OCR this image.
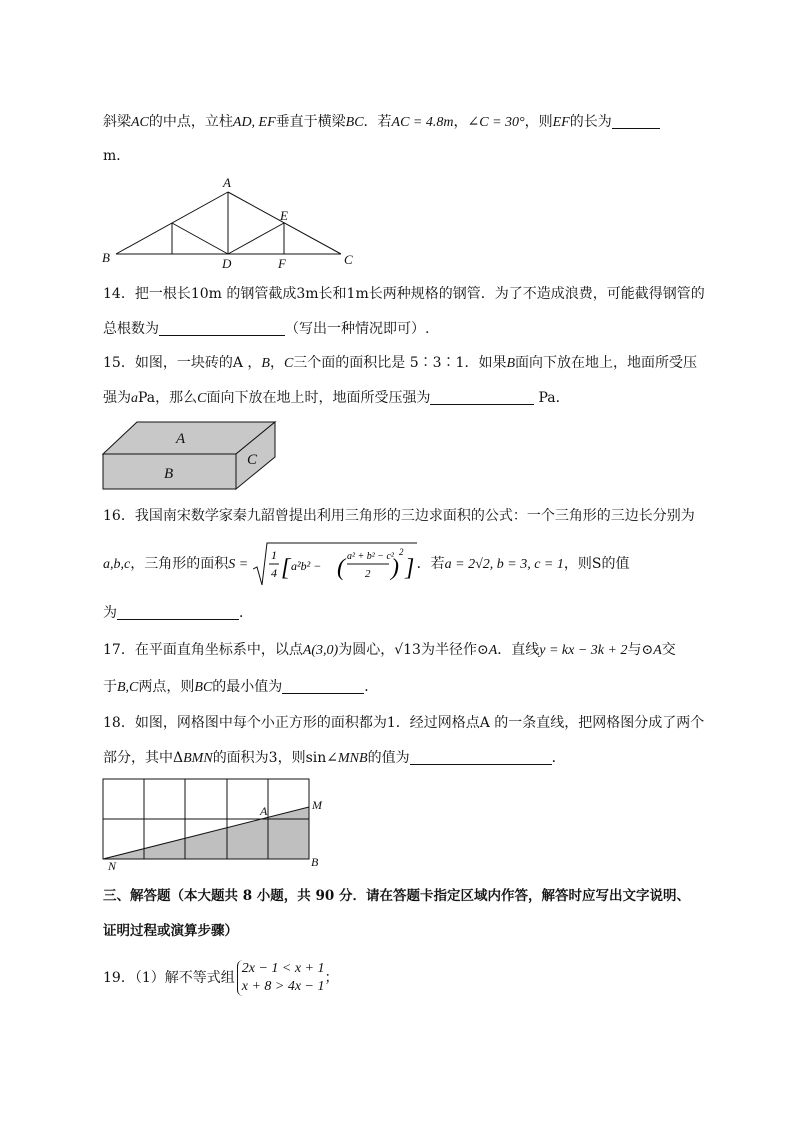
斜梁AC的中点，立柱AD, EF垂直于横梁BC．若AC = 4.8m，∠C = 30°，则EF的长为
m．
A
B	C
D
E
F
14．把一根长10m 的钢管截成3m长和1m长两种规格的钢管．为了不造成浪费，可能截得钢管的
总根数为	（写出一种情况即可）.
15．如图，一块砖的A ，B，C三个面的面积比是 5∶3∶1．如果B面向下放在地上，地面所受压
强为aPa，那么C面向下放在地上时，地面所受压强为	Pa．
A
B
C
16．我国南宋数学家秦九韶曾提出利用三角形的三边求面积的公式：一个三角形的三边长分别为
a,b,c，三角形的面积S =
1
4 [ a²b² − ( a² + b² − c²
2 )
2
] ．若a = 2√2, b = 3, c = 1，则S的值
为	．
17．在平面直角坐标系中，以点A(3,0)为圆心，√13为半径作⊙A．直线y = kx − 3k + 2与⊙A交
于B,C两点，则BC的最小值为	．
18．如图，网格图中每个小正方形的面积都为1．经过网格点A 的一条直线，把网格图分成了两个
部分，其中ΔBMN的面积为3，则sin∠MNB的值为	．
A	M
N	B
三、解答题（本大题共 8 小题，共 90 分．请在答题卡指定区域内作答，解答时应写出文字说明、
证明过程或演算步骤）
19．（1）解不等式组
2x − 1 < x + 1
x + 8 > 4x − 1
；
